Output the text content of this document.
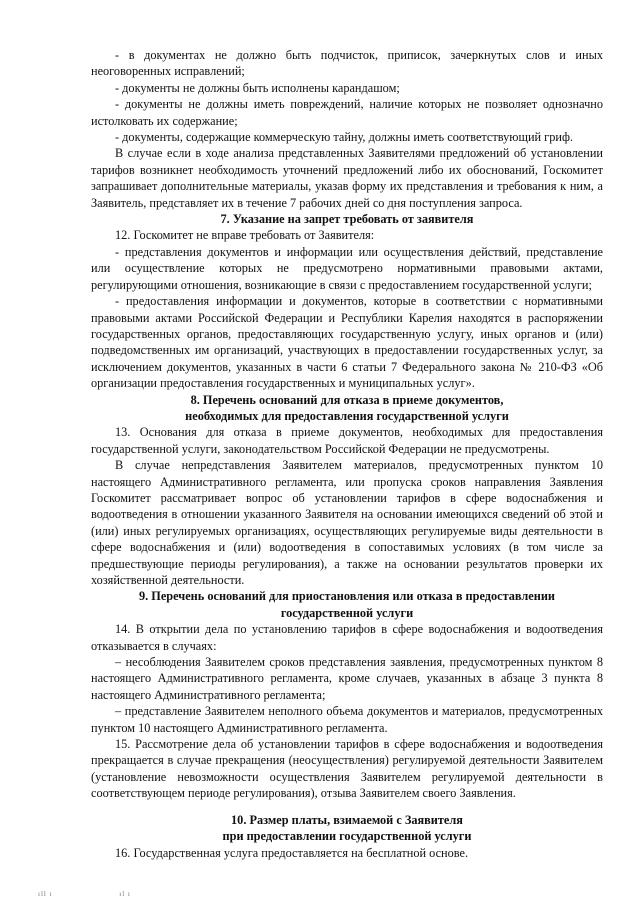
- в документах не должно быть подчисток, приписок, зачеркнутых слов и иных неоговоренных исправлений;

- документы не должны быть исполнены карандашом;

- документы не должны иметь повреждений, наличие которых не позволяет однозначно истолковать их содержание;

- документы, содержащие коммерческую тайну, должны иметь соответствующий гриф.

В случае если в ходе анализа представленных Заявителями предложений об установлении тарифов возникнет необходимость уточнений предложений либо их обоснований, Госкомитет запрашивает дополнительные материалы, указав форму их представления и требования к ним, а Заявитель, представляет их в течение 7 рабочих дней со дня поступления запроса.

7. Указание на запрет требовать от заявителя

12. Госкомитет не вправе требовать от Заявителя:

- представления документов и информации или осуществления действий, представление или осуществление которых не предусмотрено нормативными правовыми актами, регулирующими отношения, возникающие в связи с предоставлением государственной услуги;

- предоставления информации и документов, которые в соответствии с нормативными правовыми актами Российской Федерации и Республики Карелия находятся в распоряжении государственных органов, предоставляющих государственную услугу, иных органов и (или) подведомственных им организаций, участвующих в предоставлении государственных услуг, за исключением документов, указанных в части 6 статьи 7 Федерального закона № 210-ФЗ «Об организации предоставления государственных и муниципальных услуг».

8. Перечень оснований для отказа в приеме документов,
необходимых для предоставления государственной услуги

13. Основания для отказа в приеме документов, необходимых для предоставления государственной услуги, законодательством Российской Федерации не предусмотрены.

В случае непредставления Заявителем материалов, предусмотренных пунктом 10 настоящего Административного регламента, или пропуска сроков направления Заявления Госкомитет рассматривает вопрос об установлении тарифов в сфере водоснабжения и водоотведения в отношении указанного Заявителя на основании имеющихся сведений об этой и (или) иных регулируемых организациях, осуществляющих регулируемые виды деятельности в сфере водоснабжения и (или) водоотведения в сопоставимых условиях (в том числе за предшествующие периоды регулирования), а также на основании результатов проверки их хозяйственной деятельности.

9. Перечень оснований для приостановления или отказа в предоставлении
государственной услуги

14. В открытии дела по установлению тарифов в сфере водоснабжения и водоотведения отказывается в случаях:

– несоблюдения Заявителем сроков представления заявления, предусмотренных пунктом 8 настоящего Административного регламента, кроме случаев, указанных в абзаце 3 пункта 8 настоящего Административного регламента;

– представление Заявителем неполного объема документов и материалов, предусмотренных пунктом 10 настоящего Административного регламента.

15. Рассмотрение дела об установлении тарифов в сфере водоснабжения и водоотведения прекращается в случае прекращения (неосуществления) регулируемой деятельности Заявителем (установление невозможности осуществления Заявителем регулируемой деятельности в соответствующем периоде регулирования), отзыва Заявителем своего Заявления.

10. Размер платы, взимаемой с Заявителя
при предоставлении государственной услуги

16. Государственная услуга предоставляется на бесплатной основе.

ıll ı	ıl ı
